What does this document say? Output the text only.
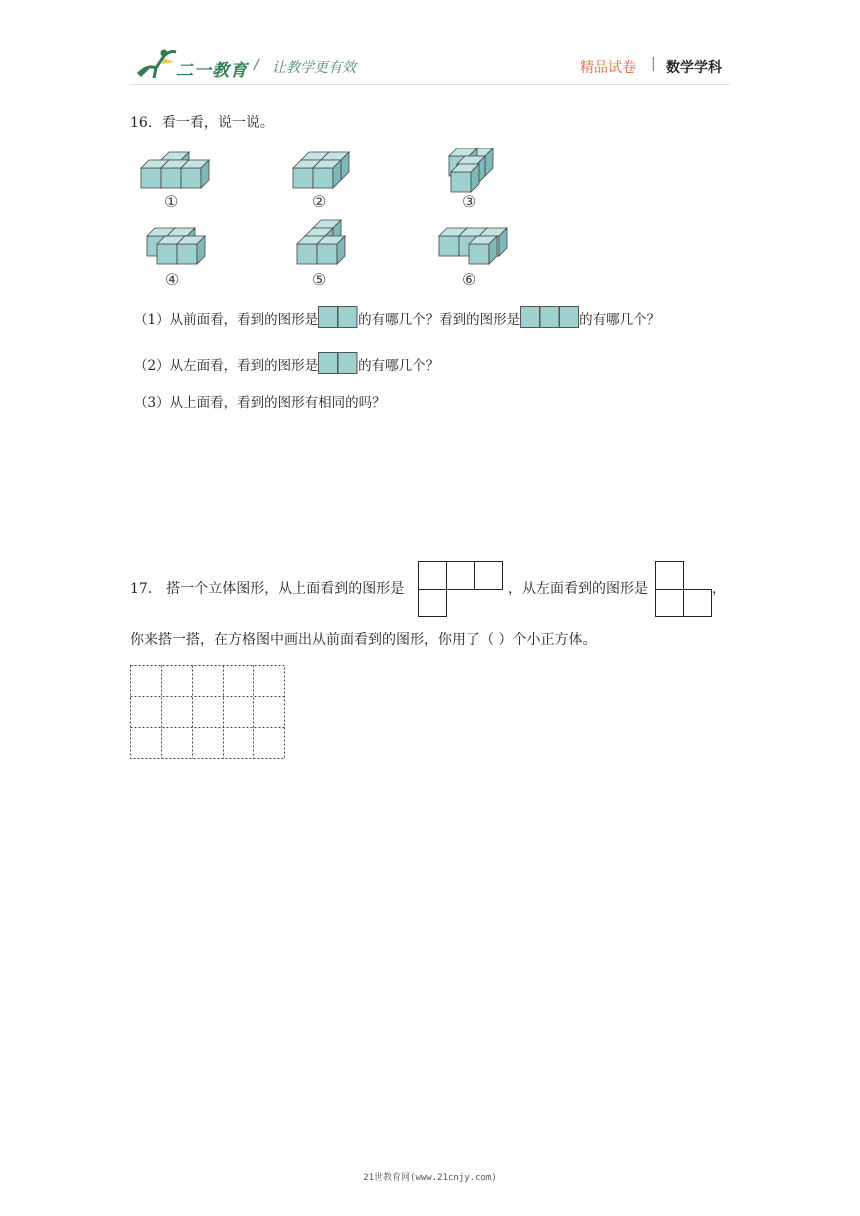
二一教育 / 让教学更有效	精品试卷 | 数学学科
16．看一看，说一说。
①	②	③
④	⑤	⑥
（1）从前面看，看到的图形是	的有哪几个？看到的图形是	的有哪几个？
（2）从左面看，看到的图形是	的有哪几个？
（3）从上面看，看到的图形有相同的吗？
17． 搭一个立体图形，从上面看到的图形是	，从左面看到的图形是	，
你来搭一搭，在方格图中画出从前面看到的图形，你用了（ ）个小正方体。
21世教育网(www.21cnjy.com)
